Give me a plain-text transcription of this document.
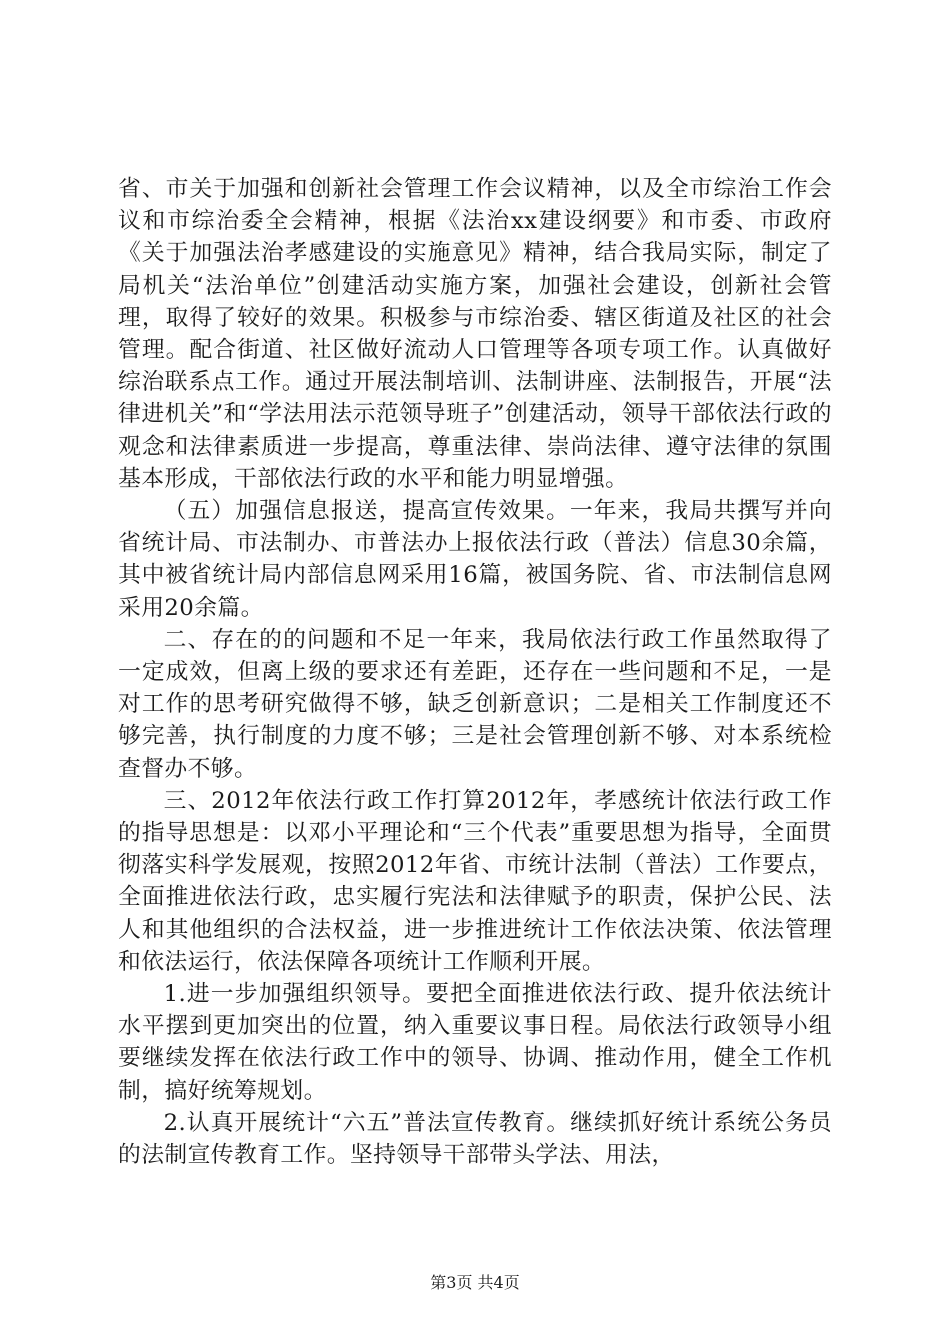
省、市关于加强和创新社会管理工作会议精神，以及全市综治工作会议和市综治委全会精神，根据《法治xx建设纲要》和市委、市政府《关于加强法治孝感建设的实施意见》精神，结合我局实际，制定了局机关“法治单位”创建活动实施方案，加强社会建设，创新社会管理，取得了较好的效果。积极参与市综治委、辖区街道及社区的社会管理。配合街道、社区做好流动人口管理等各项专项工作。认真做好综治联系点工作。通过开展法制培训、法制讲座、法制报告，开展“法律进机关”和“学法用法示范领导班子”创建活动，领导干部依法行政的观念和法律素质进一步提高，尊重法律、崇尚法律、遵守法律的氛围基本形成，干部依法行政的水平和能力明显增强。

（五）加强信息报送，提高宣传效果。一年来，我局共撰写并向省统计局、市法制办、市普法办上报依法行政（普法）信息30余篇，其中被省统计局内部信息网采用16篇，被国务院、省、市法制信息网采用20余篇。

二、存在的的问题和不足一年来，我局依法行政工作虽然取得了一定成效，但离上级的要求还有差距，还存在一些问题和不足，一是对工作的思考研究做得不够，缺乏创新意识；二是相关工作制度还不够完善，执行制度的力度不够；三是社会管理创新不够、对本系统检查督办不够。

三、2012年依法行政工作打算2012年，孝感统计依法行政工作的指导思想是：以邓小平理论和“三个代表”重要思想为指导，全面贯彻落实科学发展观，按照2012年省、市统计法制（普法）工作要点，全面推进依法行政，忠实履行宪法和法律赋予的职责，保护公民、法人和其他组织的合法权益，进一步推进统计工作依法决策、依法管理和依法运行，依法保障各项统计工作顺利开展。

1.进一步加强组织领导。要把全面推进依法行政、提升依法统计水平摆到更加突出的位置，纳入重要议事日程。局依法行政领导小组要继续发挥在依法行政工作中的领导、协调、推动作用，健全工作机制，搞好统筹规划。

2.认真开展统计“六五”普法宣传教育。继续抓好统计系统公务员的法制宣传教育工作。坚持领导干部带头学法、用法，

第3页 共4页
